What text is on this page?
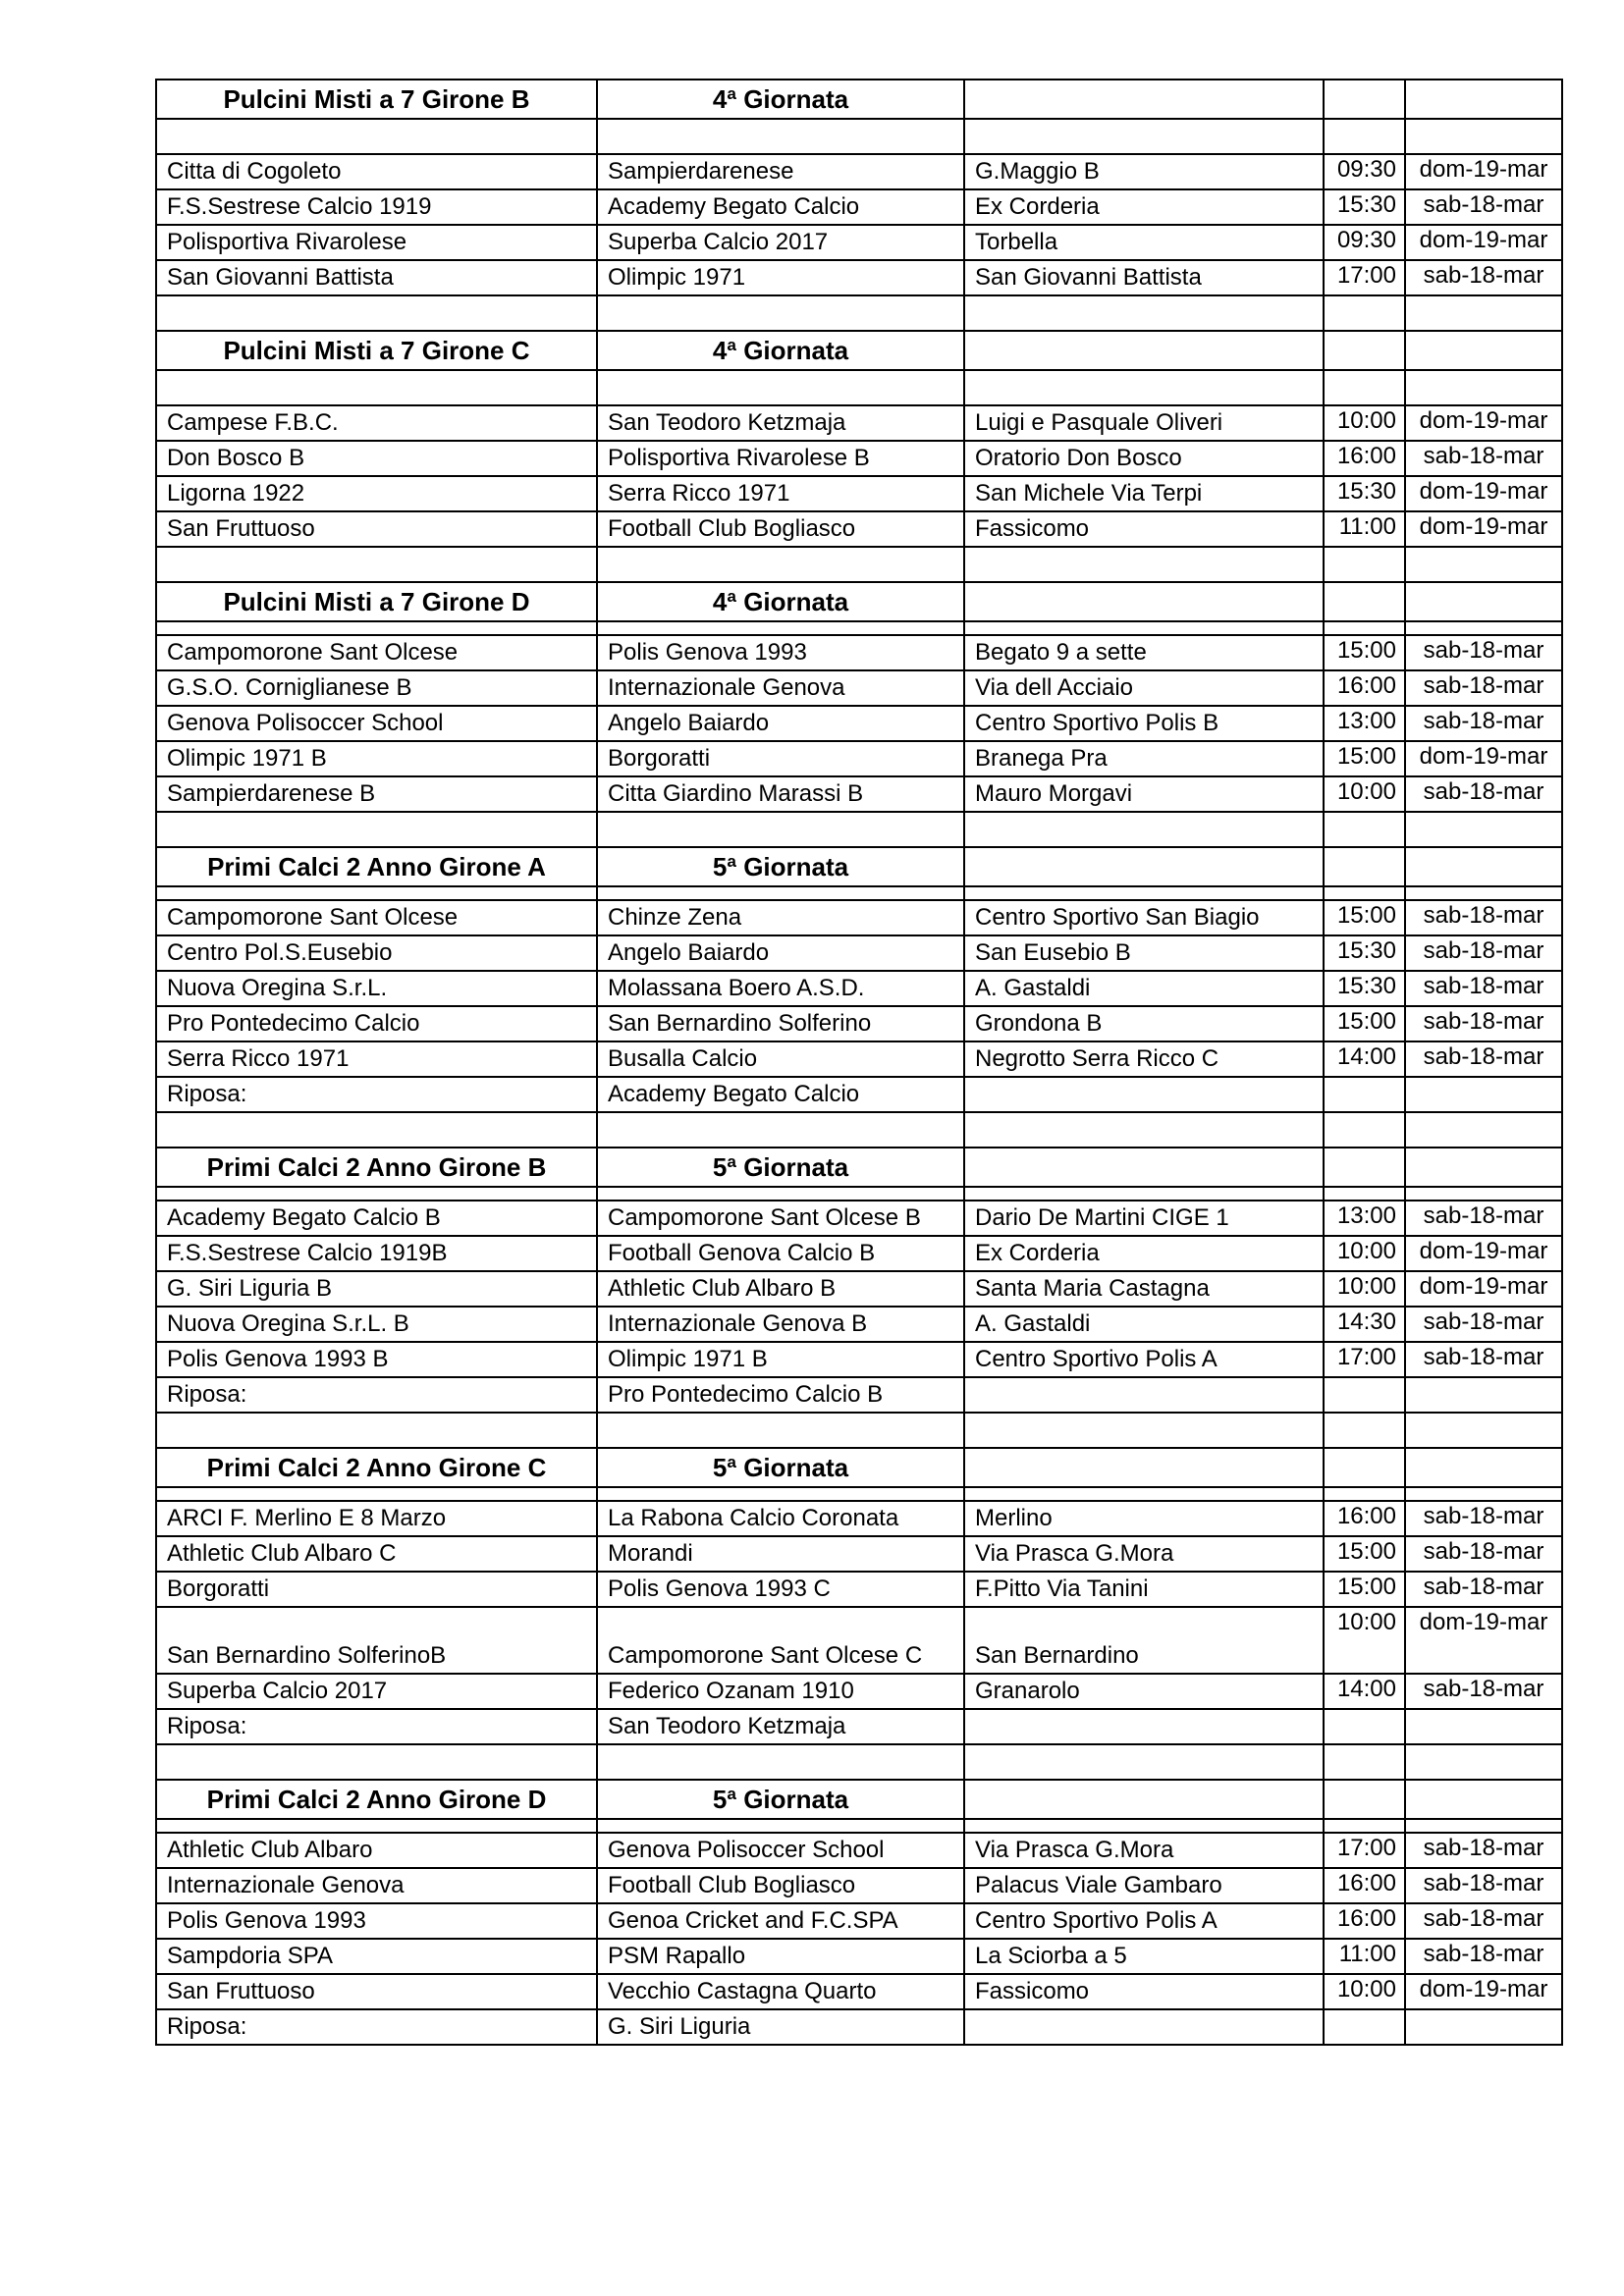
Pulcini Misti a 7 Girone B	4ª Giornata			

Citta di Cogoleto	Sampierdarenese	G.Maggio B	09:30	dom-19-mar
F.S.Sestrese Calcio 1919	Academy Begato Calcio	Ex Corderia	15:30	sab-18-mar
Polisportiva Rivarolese	Superba Calcio 2017	Torbella	09:30	dom-19-mar
San Giovanni Battista	Olimpic 1971	San Giovanni Battista	17:00	sab-18-mar

Pulcini Misti a 7 Girone C	4ª Giornata			

Campese F.B.C.	San Teodoro Ketzmaja	Luigi e Pasquale Oliveri	10:00	dom-19-mar
Don Bosco B	Polisportiva Rivarolese B	Oratorio Don Bosco	16:00	sab-18-mar
Ligorna 1922	Serra Ricco 1971	San Michele Via Terpi	15:30	dom-19-mar
San Fruttuoso	Football Club Bogliasco	Fassicomo	11:00	dom-19-mar

Pulcini Misti a 7 Girone D	4ª Giornata			

Campomorone Sant Olcese	Polis Genova 1993	Begato 9 a sette	15:00	sab-18-mar
G.S.O. Corniglianese B	Internazionale Genova	Via dell Acciaio	16:00	sab-18-mar
Genova Polisoccer School	Angelo Baiardo	Centro Sportivo Polis B	13:00	sab-18-mar
Olimpic 1971 B	Borgoratti	Branega Pra	15:00	dom-19-mar
Sampierdarenese B	Citta Giardino Marassi B	Mauro Morgavi	10:00	sab-18-mar

Primi Calci 2 Anno Girone A	5ª Giornata			

Campomorone Sant Olcese	Chinze Zena	Centro Sportivo San Biagio	15:00	sab-18-mar
Centro Pol.S.Eusebio	Angelo Baiardo	San Eusebio B	15:30	sab-18-mar
Nuova Oregina S.r.L.	Molassana Boero A.S.D.	A. Gastaldi	15:30	sab-18-mar
Pro Pontedecimo Calcio	San Bernardino Solferino	Grondona B	15:00	sab-18-mar
Serra Ricco 1971	Busalla Calcio	Negrotto Serra Ricco C	14:00	sab-18-mar
Riposa:	Academy Begato Calcio			

Primi Calci 2 Anno Girone B	5ª Giornata			

Academy Begato Calcio B	Campomorone Sant Olcese B	Dario De Martini CIGE 1	13:00	sab-18-mar
F.S.Sestrese Calcio 1919B	Football Genova Calcio B	Ex Corderia	10:00	dom-19-mar
G. Siri Liguria B	Athletic Club Albaro B	Santa Maria Castagna	10:00	dom-19-mar
Nuova Oregina S.r.L. B	Internazionale Genova B	A. Gastaldi	14:30	sab-18-mar
Polis Genova 1993 B	Olimpic 1971 B	Centro Sportivo Polis A	17:00	sab-18-mar
Riposa:	Pro Pontedecimo Calcio B			

Primi Calci 2 Anno Girone C	5ª Giornata			

ARCI F. Merlino E 8 Marzo	La Rabona Calcio Coronata	Merlino	16:00	sab-18-mar
Athletic Club Albaro C	Morandi	Via Prasca G.Mora	15:00	sab-18-mar
Borgoratti	Polis Genova 1993 C	F.Pitto Via Tanini	15:00	sab-18-mar
San Bernardino SolferinoB	Campomorone Sant Olcese C	San Bernardino	10:00	dom-19-mar
Superba Calcio 2017	Federico Ozanam 1910	Granarolo	14:00	sab-18-mar
Riposa:	San Teodoro Ketzmaja			

Primi Calci 2 Anno Girone D	5ª Giornata			

Athletic Club Albaro	Genova Polisoccer School	Via Prasca G.Mora	17:00	sab-18-mar
Internazionale Genova	Football Club Bogliasco	Palacus Viale Gambaro	16:00	sab-18-mar
Polis Genova 1993	Genoa Cricket and F.C.SPA	Centro Sportivo Polis A	16:00	sab-18-mar
Sampdoria SPA	PSM Rapallo	La Sciorba a 5	11:00	sab-18-mar
San Fruttuoso	Vecchio Castagna Quarto	Fassicomo	10:00	dom-19-mar
Riposa:	G. Siri Liguria			
